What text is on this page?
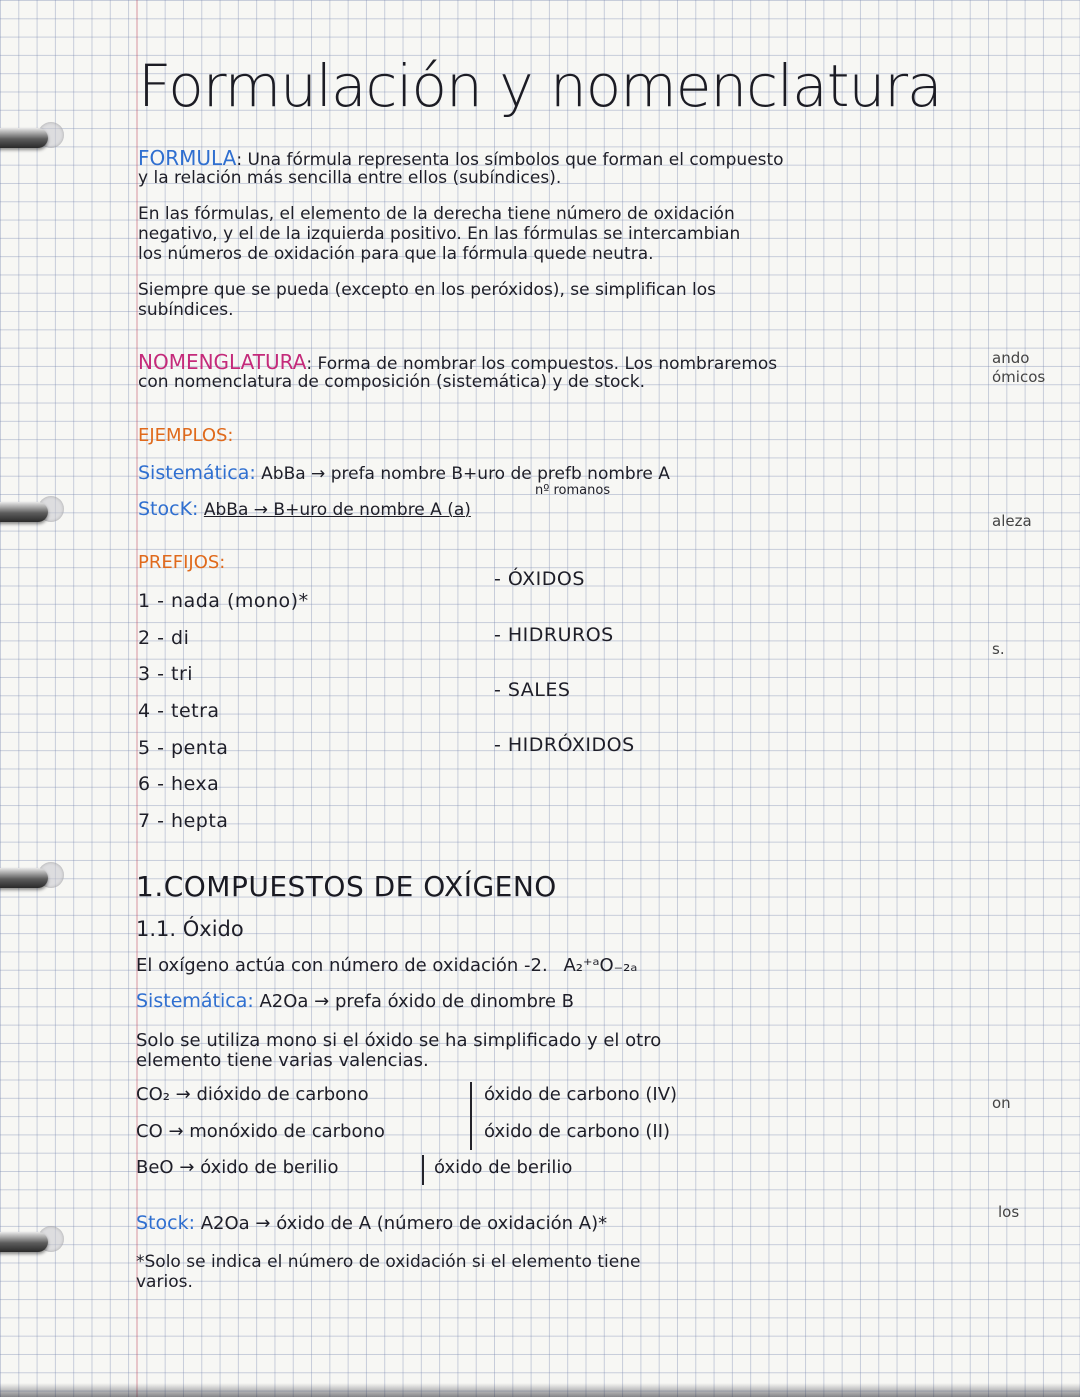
Formulación y nomenclatura
FORMULA: Una fórmula representa los símbolos que forman el compuesto
y la relación más sencilla entre ellos (subíndices).
En las fórmulas, el elemento de la derecha tiene número de oxidación
negativo, y el de la izquierda positivo. En las fórmulas se intercambian
los números de oxidación para que la fórmula quede neutra.
Siempre que se pueda (excepto en los peróxidos), se simplifican los
subíndices.
NOMENGLATURA: Forma de nombrar los compuestos. Los nombraremos
con nomenclatura de composición (sistemática) y de stock.
EJEMPLOS:
Sistemática: AbBa → prefa nombre B+uro de prefb nombre A
nº romanos
StocK: AbBa → B+uro de nombre A (a)
PREFIJOS:
1 - nada (mono)*
2 - di
3 - tri
4 - tetra
5 - penta
6 - hexa
7 - hepta
- ÓXIDOS
- HIDRUROS
- SALES
- HIDRÓXIDOS
1.COMPUESTOS DE OXÍGENO
1.1. Óxido
El oxígeno actúa con número de oxidación -2. A₂⁺ᵃO₋₂ₐ
Sistemática: A2Oa → prefa óxido de dinombre B
Solo se utiliza mono si el óxido se ha simplificado y el otro
elemento tiene varias valencias.
CO₂ → dióxido de carbono	óxido de carbono (IV)
CO → monóxido de carbono	óxido de carbono (II)
BeO → óxido de berilio	óxido de berilio
Stock: A2Oa → óxido de A (número de oxidación A)*
*Solo se indica el número de oxidación si el elemento tiene
varios.
ando
ómicos
aleza
s.
on
los
